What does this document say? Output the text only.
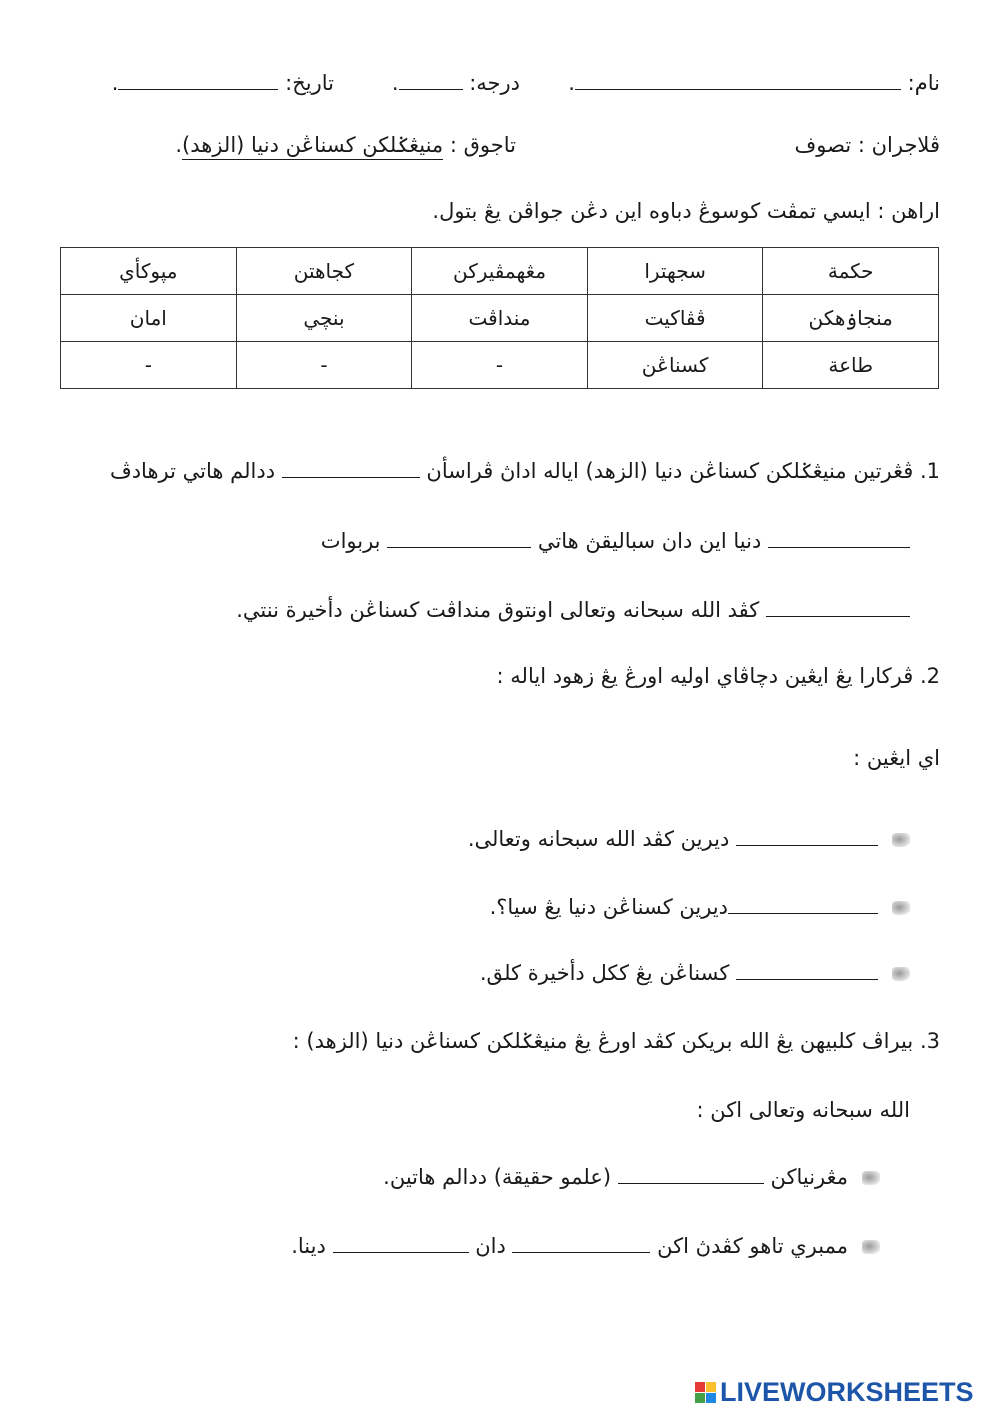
نام: .
درجه: .
تاريخ: .
ڤلاجران : تصوف
تاجوق : منيڠݢلكن كسناڠن دنيا (الزهد).
اراهن : ايسي تمڤت كوسوڠ دباوه اين دڠن جواڤن يڠ بتول.
حكمة	سجهترا	مڠهمڤيركن	كجاهتن	مپوكأي
منجاۏهكن	ڤڤاكيت	منداڤت	بنچي	امان
طاعة	كسناڠن	-	-	-
1. ڤڠرتين منيڠݢلكن كسناڠن دنيا (الزهد) اياله اداڽ ڤراسأن  ددالم هاتي ترهادڤ
دنيا اين دان سباليقڽ هاتي  بربوات
كڤد الله سبحانه وتعالى اونتوق منداڤت كسناڠن دأخيرة ننتي.
2. ڤركارا يڠ ايڠين دچاڤاي اوليه اورڠ يڠ زهود اياله :
اي ايڠين :
ديرين كڤد الله سبحانه وتعالى.
ديرين كسناڠن دنيا يڠ سيا؟.
كسناڠن يڠ ككل دأخيرة كلق.
3. بيراڤ كلبيهن يڠ الله بريكن كڤد اورڠ يڠ منيڠݢلكن كسناڠن دنيا (الزهد) :
الله سبحانه وتعالى اكن :
مڠرنياكن  (علمو حقيقة) ددالم هاتين.
ممبري تاهو كڤدڽ اكن  دان  دينا.
LIVEWORKSHEETS
